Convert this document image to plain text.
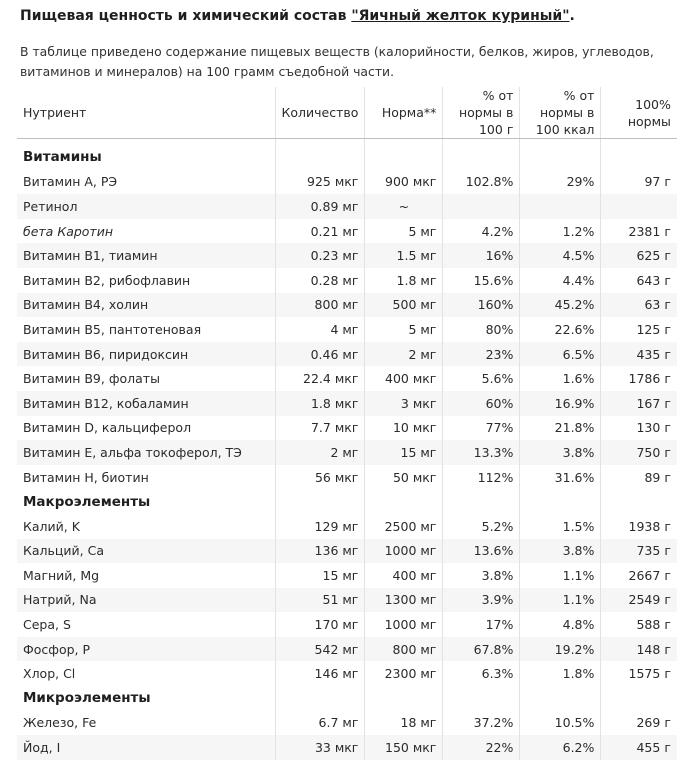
Пищевая ценность и химический состав "Яичный желток куриный".
В таблице приведено содержание пищевых веществ (калорийности, белков, жиров, углеводов, витаминов и минералов) на 100 грамм съедобной части.
Нутриент	Количество	Норма**	% от нормы в 100 г	% от нормы в 100 ккал	100% нормы

Витамины					
Витамин А, РЭ	925 мкг	900 мкг	102.8%	29%	97 г
Ретинол	0.89 мг	~			
бета Каротин	0.21 мг	5 мг	4.2%	1.2%	2381 г
Витамин В1, тиамин	0.23 мг	1.5 мг	16%	4.5%	625 г
Витамин В2, рибофлавин	0.28 мг	1.8 мг	15.6%	4.4%	643 г
Витамин В4, холин	800 мг	500 мг	160%	45.2%	63 г
Витамин В5, пантотеновая	4 мг	5 мг	80%	22.6%	125 г
Витамин В6, пиридоксин	0.46 мг	2 мг	23%	6.5%	435 г
Витамин В9, фолаты	22.4 мкг	400 мкг	5.6%	1.6%	1786 г
Витамин В12, кобаламин	1.8 мкг	3 мкг	60%	16.9%	167 г
Витамин D, кальциферол	7.7 мкг	10 мкг	77%	21.8%	130 г
Витамин Е, альфа токоферол, ТЭ	2 мг	15 мг	13.3%	3.8%	750 г
Витамин Н, биотин	56 мкг	50 мкг	112%	31.6%	89 г
Макроэлементы					
Калий, K	129 мг	2500 мг	5.2%	1.5%	1938 г
Кальций, Ca	136 мг	1000 мг	13.6%	3.8%	735 г
Магний, Mg	15 мг	400 мг	3.8%	1.1%	2667 г
Натрий, Na	51 мг	1300 мг	3.9%	1.1%	2549 г
Сера, S	170 мг	1000 мг	17%	4.8%	588 г
Фосфор, P	542 мг	800 мг	67.8%	19.2%	148 г
Хлор, Cl	146 мг	2300 мг	6.3%	1.8%	1575 г
Микроэлементы					
Железо, Fe	6.7 мг	18 мг	37.2%	10.5%	269 г
Йод, I	33 мкг	150 мкг	22%	6.2%	455 г
